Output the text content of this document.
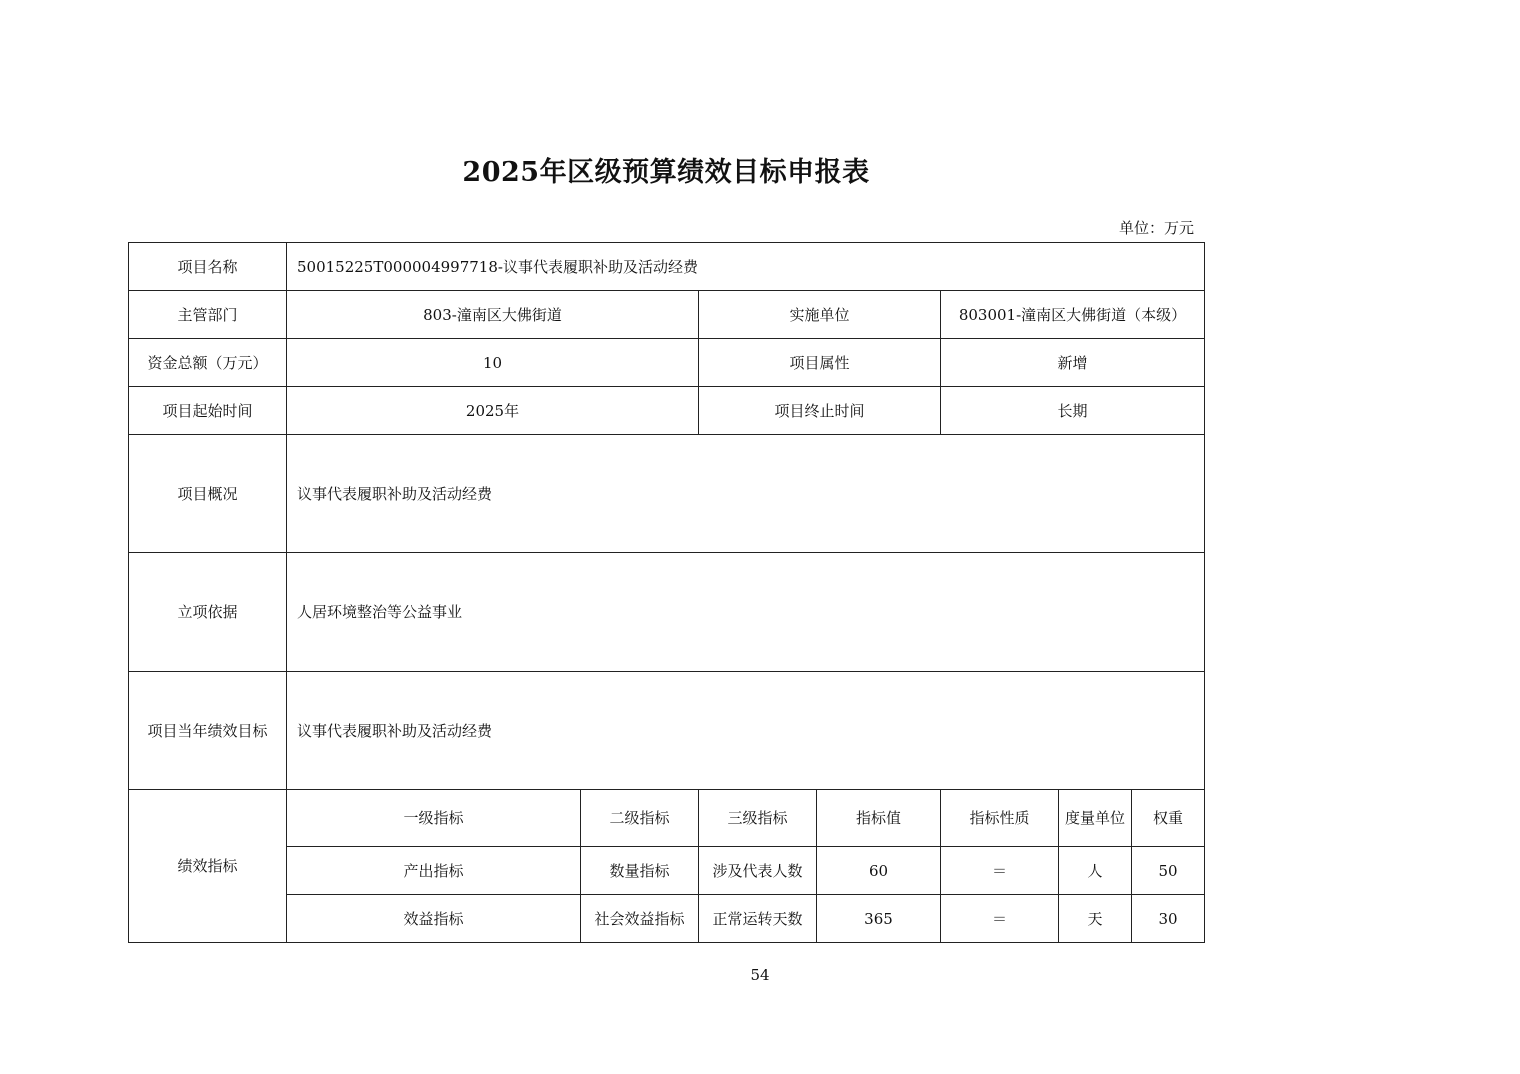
2025年区级预算绩效目标申报表
单位：万元
项目名称	50015225T000004997718-议事代表履职补助及活动经费						
主管部门	803-潼南区大佛街道		实施单位		803001-潼南区大佛街道（本级）		
资金总额（万元）	10		项目属性		新增		
项目起始时间	2025年		项目终止时间		长期		
项目概况	议事代表履职补助及活动经费						
立项依据	人居环境整治等公益事业						
项目当年绩效目标	议事代表履职补助及活动经费						
绩效指标	一级指标	二级指标	三级指标	指标值	指标性质	度量单位	权重
	产出指标	数量指标	涉及代表人数	60	＝	人	50
	效益指标	社会效益指标	正常运转天数	365	＝	天	30
54
